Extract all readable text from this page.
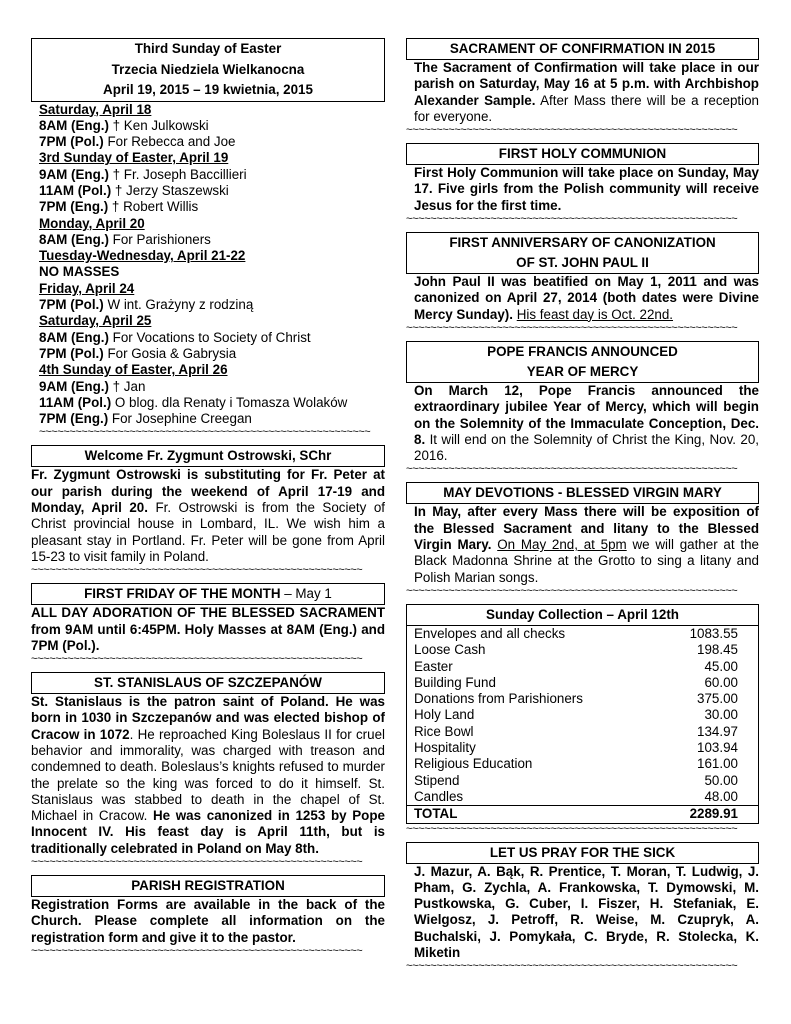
Third Sunday of Easter
Trzecia Niedziela Wielkanocna
April 19, 2015 – 19 kwietnia, 2015
Saturday, April 18
8AM (Eng.) † Ken Julkowski
7PM (Pol.) For Rebecca and Joe
3rd Sunday of Easter, April 19
9AM (Eng.) † Fr. Joseph Baccillieri
11AM (Pol.) † Jerzy Staszewski
7PM (Eng.) † Robert Willis
Monday, April 20
8AM (Eng.) For Parishioners
Tuesday-Wednesday, April 21-22
NO MASSES
Friday, April 24
7PM (Pol.) W int. Grażyny z rodziną
Saturday, April 25
8AM (Eng.) For Vocations to Society of Christ
7PM (Pol.) For Gosia & Gabrysia
4th Sunday of Easter, April 26
9AM (Eng.) † Jan
11AM (Pol.) O blog. dla Renaty i Tomasza Wolaków
7PM (Eng.) For Josephine Creegan
~~~~~~~~~~~~~~~~~~~~~~~~~~~~~~~~~~~~~~~~~~~~~~~~~~~~~~~
Welcome Fr. Zygmunt Ostrowski, SChr

Fr. Zygmunt Ostrowski is substituting for Fr. Peter at our parish during the weekend of April 17-19 and Monday, April 20. Fr. Ostrowski is from the Society of Christ provincial house in Lombard, IL. We wish him a pleasant stay in Portland. Fr. Peter will be gone from April 15-23 to visit family in Poland.

~~~~~~~~~~~~~~~~~~~~~~~~~~~~~~~~~~~~~~~~~~~~~~~~~~~~~~~
FIRST FRIDAY OF THE MONTH – May 1

ALL DAY ADORATION OF THE BLESSED SACRAMENT from 9AM until 6:45PM. Holy Masses at 8AM (Eng.) and 7PM (Pol.).

~~~~~~~~~~~~~~~~~~~~~~~~~~~~~~~~~~~~~~~~~~~~~~~~~~~~~~~
ST. STANISLAUS OF SZCZEPANÓW

St. Stanislaus is the patron saint of Poland. He was born in 1030 in Szczepanów and was elected bishop of Cracow in 1072. He reproached King Boleslaus II for cruel behavior and immorality, was charged with treason and condemned to death. Boleslaus’s knights refused to murder the prelate so the king was forced to do it himself. St. Stanislaus was stabbed to death in the chapel of St. Michael in Cracow. He was canonized in 1253 by Pope Innocent IV. His feast day is April 11th, but is traditionally celebrated in Poland on May 8th.

~~~~~~~~~~~~~~~~~~~~~~~~~~~~~~~~~~~~~~~~~~~~~~~~~~~~~~~
PARISH REGISTRATION

Registration Forms are available in the back of the Church. Please complete all information on the registration form and give it to the pastor.

~~~~~~~~~~~~~~~~~~~~~~~~~~~~~~~~~~~~~~~~~~~~~~~~~~~~~~~
SACRAMENT OF CONFIRMATION IN 2015

The Sacrament of Confirmation will take place in our parish on Saturday, May 16 at 5 p.m. with Archbishop Alexander Sample. After Mass there will be a reception for everyone.

~~~~~~~~~~~~~~~~~~~~~~~~~~~~~~~~~~~~~~~~~~~~~~~~~~~~~~~
FIRST HOLY COMMUNION

First Holy Communion will take place on Sunday, May 17. Five girls from the Polish community will receive Jesus for the first time.

~~~~~~~~~~~~~~~~~~~~~~~~~~~~~~~~~~~~~~~~~~~~~~~~~~~~~~~
FIRST ANNIVERSARY OF CANONIZATION
OF ST. JOHN PAUL II

John Paul II was beatified on May 1, 2011 and was canonized on April 27, 2014 (both dates were Divine Mercy Sunday). His feast day is Oct. 22nd.

~~~~~~~~~~~~~~~~~~~~~~~~~~~~~~~~~~~~~~~~~~~~~~~~~~~~~~~
POPE FRANCIS ANNOUNCED
YEAR OF MERCY

On March 12, Pope Francis announced the extraordinary jubilee Year of Mercy, which will begin on the Solemnity of the Immaculate Conception, Dec. 8. It will end on the Solemnity of Christ the King, Nov. 20, 2016.

~~~~~~~~~~~~~~~~~~~~~~~~~~~~~~~~~~~~~~~~~~~~~~~~~~~~~~~
MAY DEVOTIONS - BLESSED VIRGIN MARY

In May, after every Mass there will be exposition of the Blessed Sacrament and litany to the Blessed Virgin Mary. On May 2nd, at 5pm we will gather at the Black Madonna Shrine at the Grotto to sing a litany and Polish Marian songs.

~~~~~~~~~~~~~~~~~~~~~~~~~~~~~~~~~~~~~~~~~~~~~~~~~~~~~~~
Sunday Collection – April 12th
Envelopes and all checks	1083.55
Loose Cash	198.45
Easter	45.00
Building Fund	60.00
Donations from Parishioners	375.00
Holy Land	30.00
Rice Bowl	134.97
Hospitality	103.94
Religious Education	161.00
Stipend	50.00
Candles	48.00
TOTAL	2289.91
~~~~~~~~~~~~~~~~~~~~~~~~~~~~~~~~~~~~~~~~~~~~~~~~~~~~~~~
LET US PRAY FOR THE SICK

J. Mazur, A. Bąk, R. Prentice, T. Moran, T. Ludwig, J. Pham, G. Zychla, A. Frankowska, T. Dymowski, M. Pustkowska, G. Cuber, I. Fiszer, H. Stefaniak, E. Wielgosz, J. Petroff, R. Weise, M. Czupryk, A. Buchalski, J. Pomykała, C. Bryde, R. Stolecka, K. Miketin

~~~~~~~~~~~~~~~~~~~~~~~~~~~~~~~~~~~~~~~~~~~~~~~~~~~~~~~
